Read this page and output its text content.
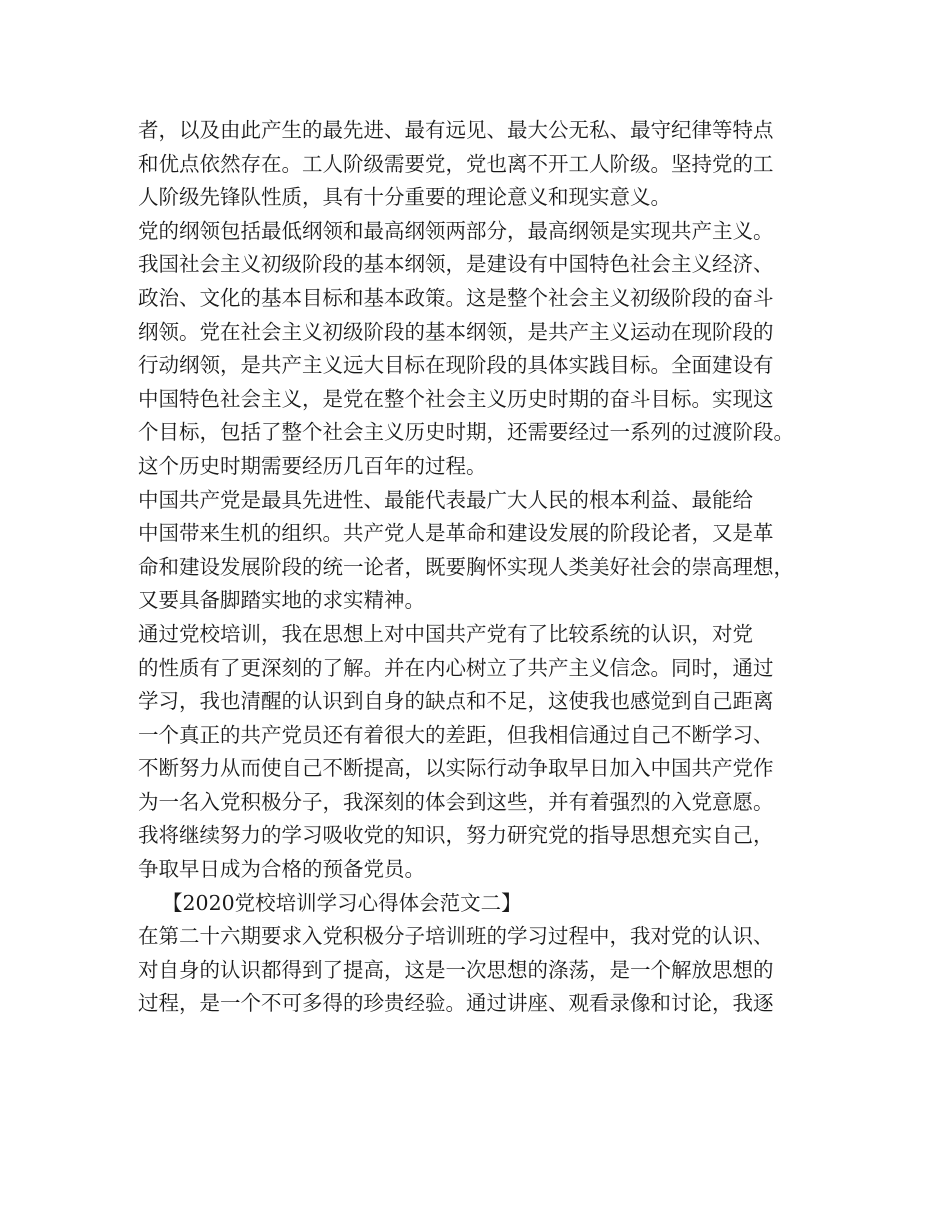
者，以及由此产生的最先进、最有远见、最大公无私、最守纪律等特点
和优点依然存在。工人阶级需要党，党也离不开工人阶级。坚持党的工
人阶级先锋队性质，具有十分重要的理论意义和现实意义。
党的纲领包括最低纲领和最高纲领两部分，最高纲领是实现共产主义。
我国社会主义初级阶段的基本纲领，是建设有中国特色社会主义经济、
政治、文化的基本目标和基本政策。这是整个社会主义初级阶段的奋斗
纲领。党在社会主义初级阶段的基本纲领，是共产主义运动在现阶段的
行动纲领，是共产主义远大目标在现阶段的具体实践目标。全面建设有
中国特色社会主义，是党在整个社会主义历史时期的奋斗目标。实现这
个目标，包括了整个社会主义历史时期，还需要经过一系列的过渡阶段。
这个历史时期需要经历几百年的过程。
中国共产党是最具先进性、最能代表最广大人民的根本利益、最能给
中国带来生机的组织。共产党人是革命和建设发展的阶段论者，又是革
命和建设发展阶段的统一论者，既要胸怀实现人类美好社会的崇高理想，
又要具备脚踏实地的求实精神。
通过党校培训，我在思想上对中国共产党有了比较系统的认识，对党
的性质有了更深刻的了解。并在内心树立了共产主义信念。同时，通过
学习，我也清醒的认识到自身的缺点和不足，这使我也感觉到自己距离
一个真正的共产党员还有着很大的差距，但我相信通过自己不断学习、
不断努力从而使自己不断提高，以实际行动争取早日加入中国共产党作
为一名入党积极分子，我深刻的体会到这些，并有着强烈的入党意愿。
我将继续努力的学习吸收党的知识，努力研究党的指导思想充实自己，
争取早日成为合格的预备党员。
【2020党校培训学习心得体会范文二】
在第二十六期要求入党积极分子培训班的学习过程中，我对党的认识、
对自身的认识都得到了提高，这是一次思想的涤荡，是一个解放思想的
过程，是一个不可多得的珍贵经验。通过讲座、观看录像和讨论，我逐
